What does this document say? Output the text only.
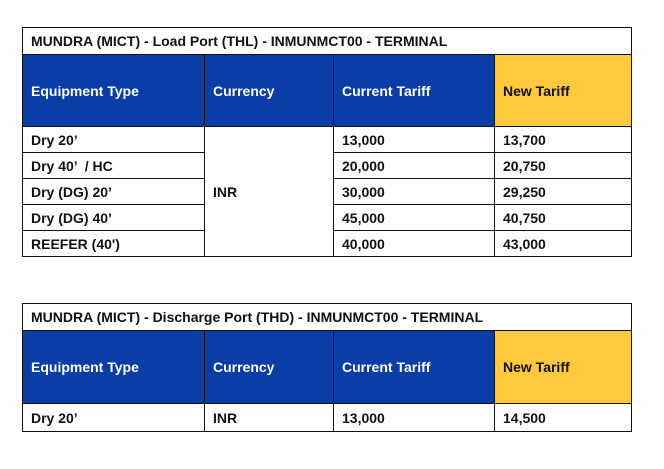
MUNDRA (MICT) - Load Port (THL) - INMUNMCT00 - TERMINAL			
Equipment Type	Currency	Current Tariff	New Tariff
Dry 20’	INR	13,000	13,700
Dry 40’  / HC		20,000	20,750
Dry (DG) 20’		30,000	29,250
Dry (DG) 40’		45,000	40,750
REEFER (40')		40,000	43,000
MUNDRA (MICT) - Discharge Port (THD) - INMUNMCT00 - TERMINAL			
Equipment Type	Currency	Current Tariff	New Tariff
Dry 20’	INR	13,000	14,500
